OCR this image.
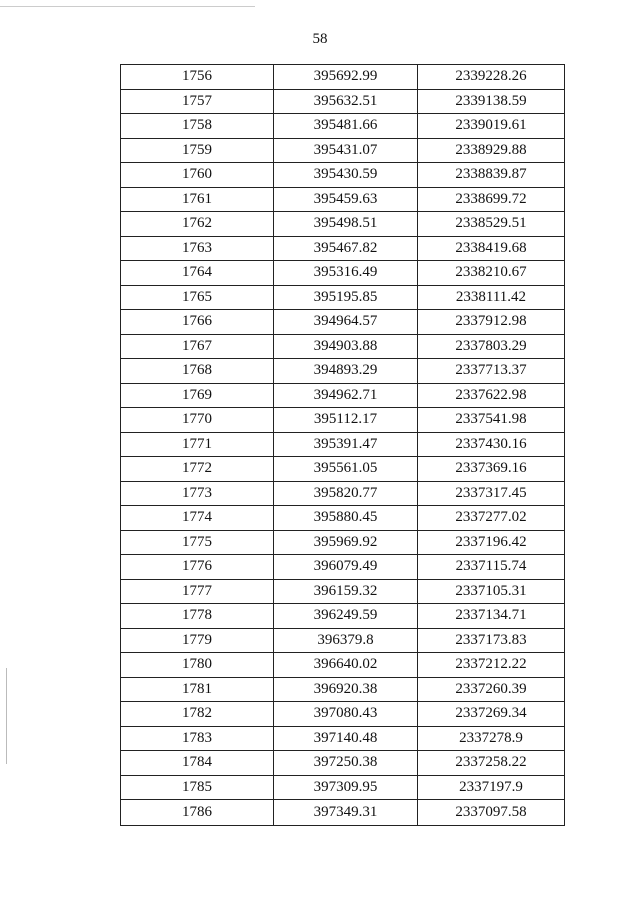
58
1756	395692.99	2339228.26
1757	395632.51	2339138.59
1758	395481.66	2339019.61
1759	395431.07	2338929.88
1760	395430.59	2338839.87
1761	395459.63	2338699.72
1762	395498.51	2338529.51
1763	395467.82	2338419.68
1764	395316.49	2338210.67
1765	395195.85	2338111.42
1766	394964.57	2337912.98
1767	394903.88	2337803.29
1768	394893.29	2337713.37
1769	394962.71	2337622.98
1770	395112.17	2337541.98
1771	395391.47	2337430.16
1772	395561.05	2337369.16
1773	395820.77	2337317.45
1774	395880.45	2337277.02
1775	395969.92	2337196.42
1776	396079.49	2337115.74
1777	396159.32	2337105.31
1778	396249.59	2337134.71
1779	396379.8	2337173.83
1780	396640.02	2337212.22
1781	396920.38	2337260.39
1782	397080.43	2337269.34
1783	397140.48	2337278.9
1784	397250.38	2337258.22
1785	397309.95	2337197.9
1786	397349.31	2337097.58
